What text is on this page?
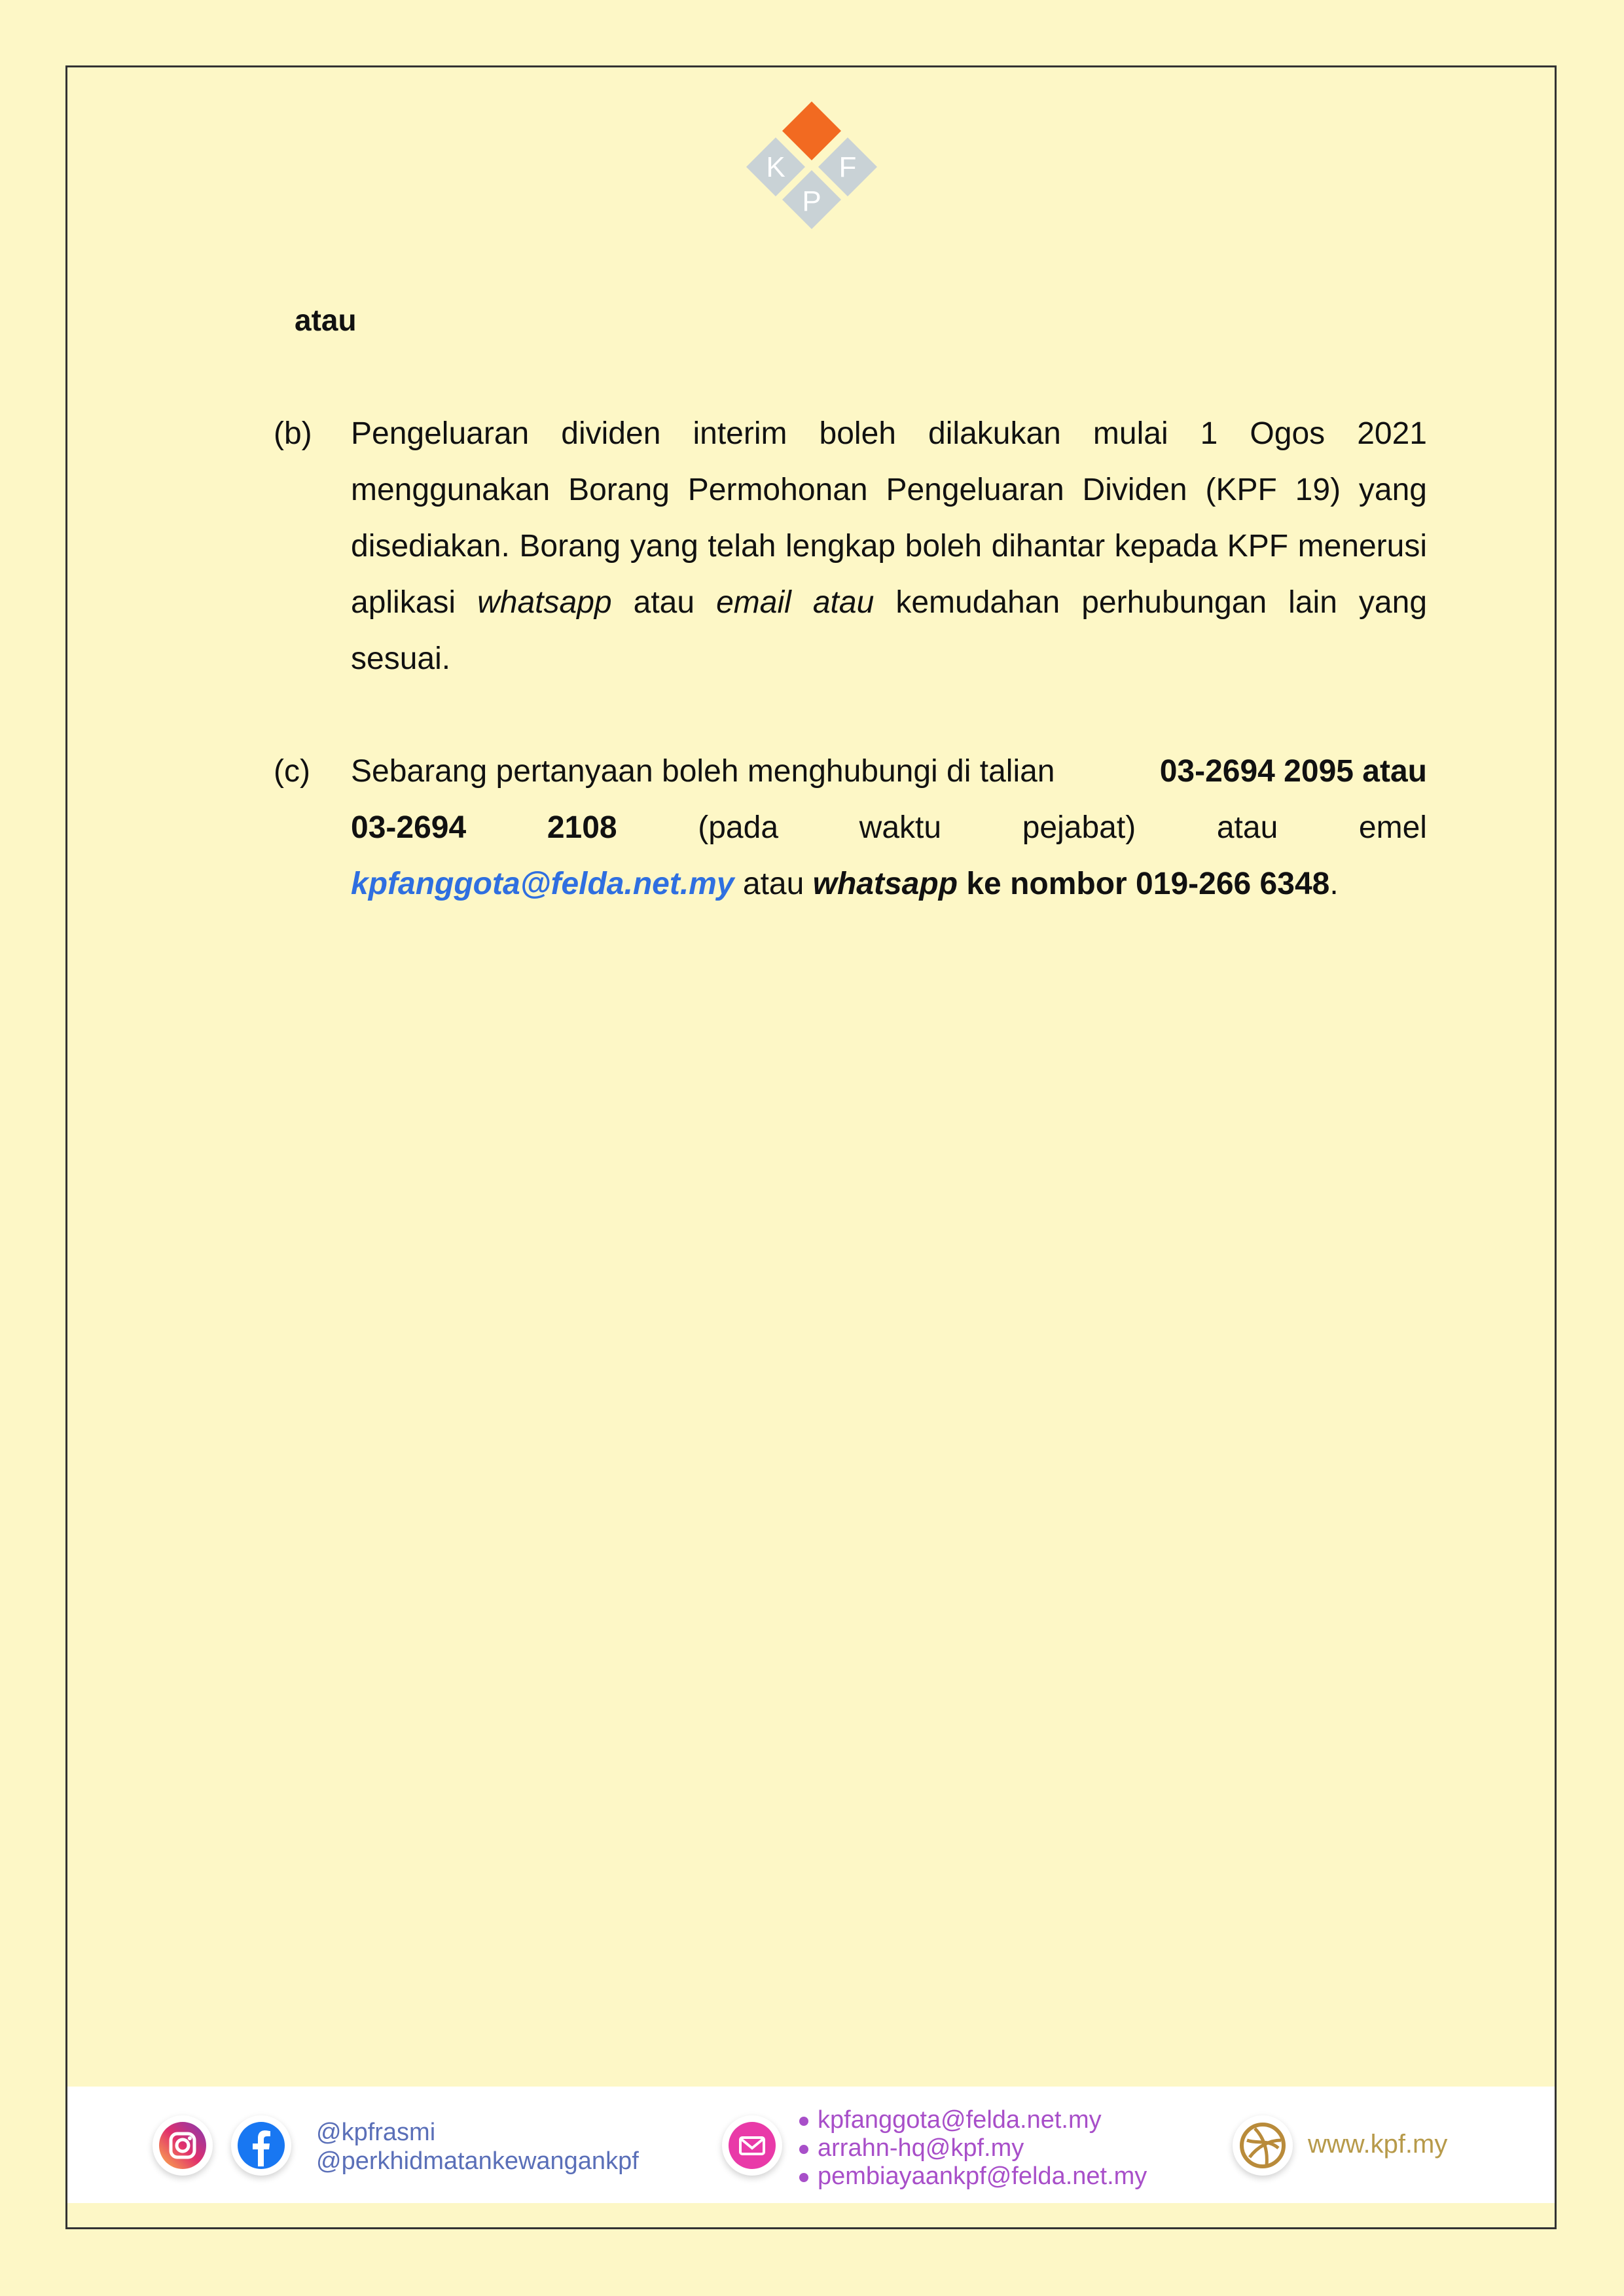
K F
P
atau
(b) Pengeluaran dividen interim boleh dilakukan mulai 1 Ogos 2021 menggunakan Borang Permohonan Pengeluaran Dividen (KPF 19) yang disediakan. Borang yang telah lengkap boleh dihantar kepada KPF menerusi aplikasi whatsapp atau email atau kemudahan perhubungan lain yang sesuai.
(c) Sebarang pertanyaan boleh menghubungi di talian	03-2694 2095 atau
03-2694	2108	(pada	waktu	pejabat)	atau	emel
kpfanggota@felda.net.my atau whatsapp ke nombor 019-266 6348.
@kpfrasmi
@perkhidmatankewangankpf
kpfanggota@felda.net.my
arrahn-hq@kpf.my
pembiayaankpf@felda.net.my
www.kpf.my
